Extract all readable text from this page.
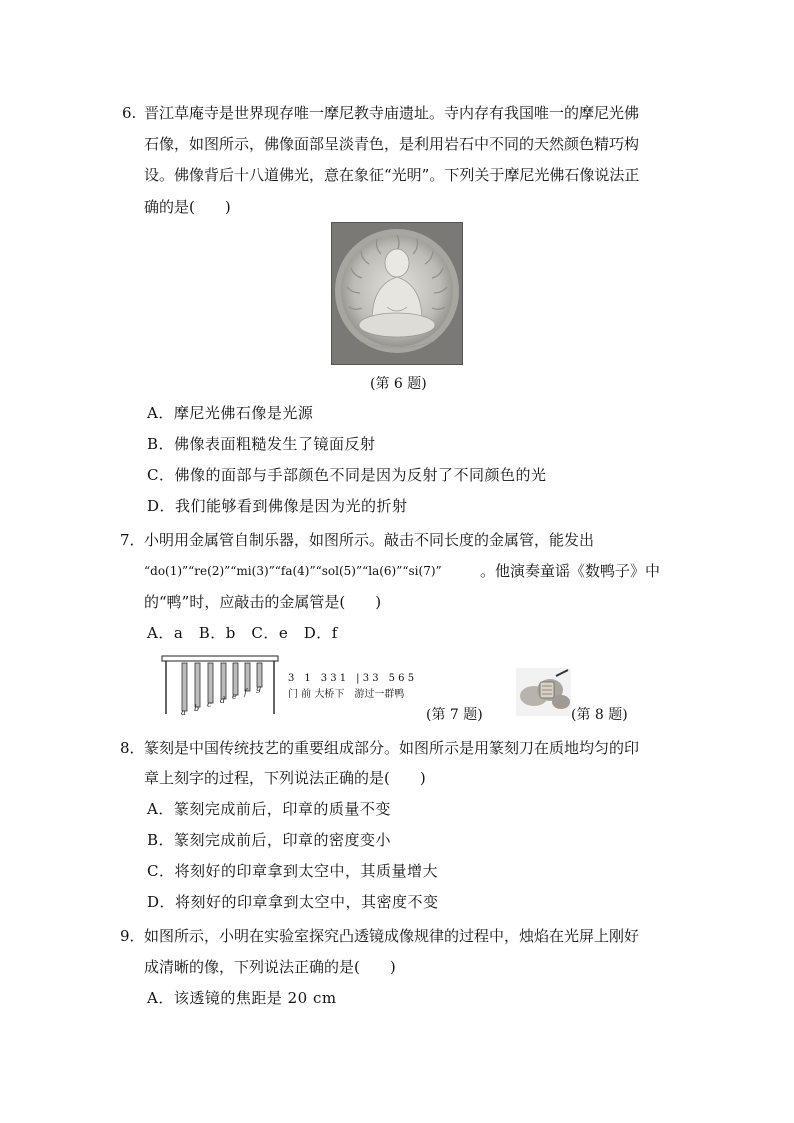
6. 晋江草庵寺是世界现存唯一摩尼教寺庙遗址。寺内存有我国唯一的摩尼光佛
石像，如图所示，佛像面部呈淡青色，是利用岩石中不同的天然颜色精巧构
设。佛像背后十八道佛光，意在象征“光明”。下列关于摩尼光佛石像说法正
确的是(　　)
(第 6 题)
A．摩尼光佛石像是光源
B．佛像表面粗糙发生了镜面反射
C．佛像的面部与手部颜色不同是因为反射了不同颜色的光
D．我们能够看到佛像是因为光的折射
7． 小明用金属管自制乐器，如图所示。敲击不同长度的金属管，能发出
“do(1)”“re(2)”“mi(3)”“fa(4)”“sol(5)”“la(6)”“si(7)”	。他演奏童谣《数鸭子》中
的“鸭”时，应敲击的金属管是(　　)
A．a　B．b　C．e　D．f
a b c d e f g
3　1　3 3 1　| 3 3　5 6 5
门 前 大桥下　游过一群鸭
(第 7 题)	(第 8 题)
8． 篆刻是中国传统技艺的重要组成部分。如图所示是用篆刻刀在质地均匀的印
章上刻字的过程，下列说法正确的是(　　)
A．篆刻完成前后，印章的质量不变
B．篆刻完成前后，印章的密度变小
C．将刻好的印章拿到太空中，其质量增大
D．将刻好的印章拿到太空中，其密度不变
9． 如图所示，小明在实验室探究凸透镜成像规律的过程中，烛焰在光屏上刚好
成清晰的像，下列说法正确的是(　　)
A．该透镜的焦距是 20 cm
